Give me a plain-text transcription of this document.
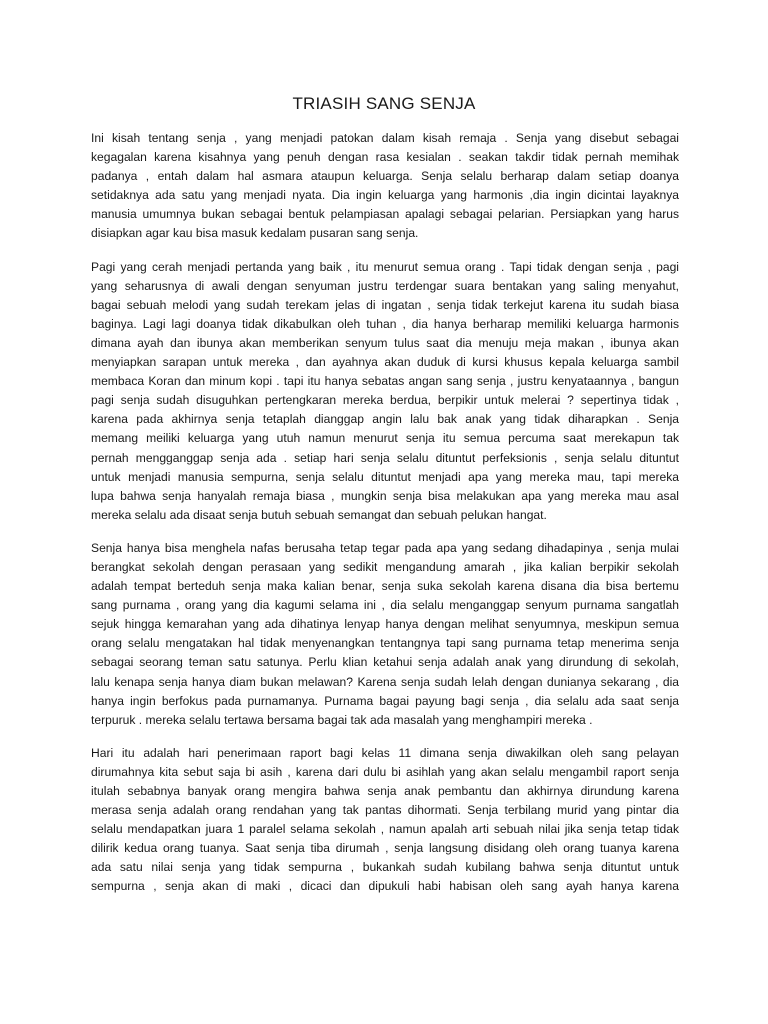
TRIASIH SANG SENJA
Ini kisah tentang senja , yang menjadi patokan dalam kisah remaja . Senja yang disebut sebagai
kegagalan karena kisahnya yang penuh dengan rasa kesialan . seakan takdir tidak pernah memihak
padanya , entah dalam hal asmara ataupun keluarga. Senja selalu berharap dalam setiap doanya
setidaknya ada satu yang menjadi nyata. Dia ingin keluarga yang harmonis ,dia ingin dicintai layaknya
manusia umumnya bukan sebagai bentuk pelampiasan apalagi sebagai pelarian. Persiapkan yang harus
disiapkan agar kau bisa masuk kedalam pusaran sang senja.
Pagi yang cerah menjadi pertanda yang baik , itu menurut semua orang . Tapi tidak dengan senja , pagi
yang seharusnya di awali dengan senyuman justru terdengar suara bentakan yang saling menyahut,
bagai sebuah melodi yang sudah terekam jelas di ingatan , senja tidak terkejut karena itu sudah biasa
baginya. Lagi lagi doanya tidak dikabulkan oleh tuhan , dia hanya berharap memiliki keluarga harmonis
dimana ayah dan ibunya akan memberikan senyum tulus saat dia menuju meja makan , ibunya akan
menyiapkan sarapan untuk mereka , dan ayahnya akan duduk di kursi khusus kepala keluarga sambil
membaca Koran dan minum kopi . tapi itu hanya sebatas angan sang senja , justru kenyataannya , bangun
pagi senja sudah disuguhkan pertengkaran mereka berdua, berpikir untuk melerai ? sepertinya tidak ,
karena pada akhirnya senja tetaplah dianggap angin lalu bak anak yang tidak diharapkan . Senja
memang meiliki keluarga yang utuh namun menurut senja itu semua percuma saat merekapun tak
pernah mengganggap senja ada . setiap hari senja selalu dituntut perfeksionis , senja selalu dituntut
untuk menjadi manusia sempurna, senja selalu dituntut menjadi apa yang mereka mau, tapi mereka
lupa bahwa senja hanyalah remaja biasa , mungkin senja bisa melakukan apa yang mereka mau asal
mereka selalu ada disaat senja butuh sebuah semangat dan sebuah pelukan hangat.
Senja hanya bisa menghela nafas berusaha tetap tegar pada apa yang sedang dihadapinya , senja mulai
berangkat sekolah dengan perasaan yang sedikit mengandung amarah , jika kalian berpikir sekolah
adalah tempat berteduh senja maka kalian benar, senja suka sekolah karena disana dia bisa bertemu
sang purnama , orang yang dia kagumi selama ini , dia selalu menganggap senyum purnama sangatlah
sejuk hingga kemarahan yang ada dihatinya lenyap hanya dengan melihat senyumnya, meskipun semua
orang selalu mengatakan hal tidak menyenangkan tentangnya tapi sang purnama tetap menerima senja
sebagai seorang teman satu satunya. Perlu klian ketahui senja adalah anak yang dirundung di sekolah,
lalu kenapa senja hanya diam bukan melawan? Karena senja sudah lelah dengan dunianya sekarang , dia
hanya ingin berfokus pada purnamanya. Purnama bagai payung bagi senja , dia selalu ada saat senja
terpuruk . mereka selalu tertawa bersama bagai tak ada masalah yang menghampiri mereka .
Hari itu adalah hari penerimaan raport bagi kelas 11 dimana senja diwakilkan oleh sang pelayan
dirumahnya kita sebut saja bi asih , karena dari dulu bi asihlah yang akan selalu mengambil raport senja
itulah sebabnya banyak orang mengira bahwa senja anak pembantu dan akhirnya dirundung karena
merasa senja adalah orang rendahan yang tak pantas dihormati. Senja terbilang murid yang pintar dia
selalu mendapatkan juara 1 paralel selama sekolah , namun apalah arti sebuah nilai jika senja tetap tidak
dilirik kedua orang tuanya. Saat senja tiba dirumah , senja langsung disidang oleh orang tuanya karena
ada satu nilai senja yang tidak sempurna , bukankah sudah kubilang bahwa senja dituntut untuk
sempurna , senja akan di maki , dicaci dan dipukuli habi habisan oleh sang ayah hanya karena
